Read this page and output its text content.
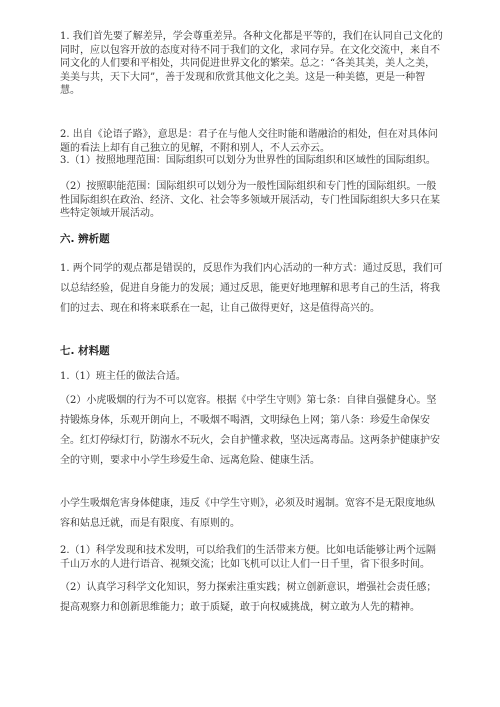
1. 我们首先要了解差异，学会尊重差异。各种文化都是平等的，我们在认同自己文化的同时，应以包容开放的态度对待不同于我们的文化，求同存异。在文化交流中，来自不同文化的人们要和平相处，共同促进世界文化的繁荣。总之：“各美其美，美人之美，美美与共，天下大同”，善于发现和欣赏其他文化之美。这是一种美德，更是一种智慧。

2. 出自《论语子路》，意思是：君子在与他人交往时能和谐融洽的相处，但在对具体问题的看法上却有自己独立的见解，不附和别人，不人云亦云。

3.（1）按照地理范围：国际组织可以划分为世界性的国际组织和区域性的国际组织。

（2）按照职能范围：国际组织可以划分为一般性国际组织和专门性的国际组织。一般性国际组织在政治、经济、文化、社会等多领域开展活动，专门性国际组织大多只在某些特定领域开展活动。

六. 辨析题

1. 两个同学的观点都是错误的，反思作为我们内心活动的一种方式：通过反思，我们可以总结经验，促进自身能力的发展；通过反思，能更好地理解和思考自己的生活，将我们的过去、现在和将来联系在一起，让自己做得更好，这是值得高兴的。

七. 材料题

1.（1）班主任的做法合适。

（2）小虎吸烟的行为不可以宽容。根据《中学生守则》第七条：自律自强健身心。坚持锻炼身体，乐观开朗向上，不吸烟不喝酒，文明绿色上网；第八条：珍爱生命保安全。红灯停绿灯行，防溺水不玩火，会自护懂求救，坚决远离毒品。这两条护健康护安全的守则，要求中小学生珍爱生命、远离危险、健康生活。

小学生吸烟危害身体健康，违反《中学生守则》，必须及时遏制。宽容不是无限度地纵容和姑息迁就，而是有限度、有原则的。

2.（1）科学发现和技术发明，可以给我们的生活带来方便。比如电话能够让两个远隔千山万水的人进行语音、视频交流；比如飞机可以让人们一日千里，省下很多时间。

（2）认真学习科学文化知识，努力探索注重实践；树立创新意识，增强社会责任感；提高观察力和创新思维能力；敢于质疑，敢于向权威挑战，树立敢为人先的精神。
